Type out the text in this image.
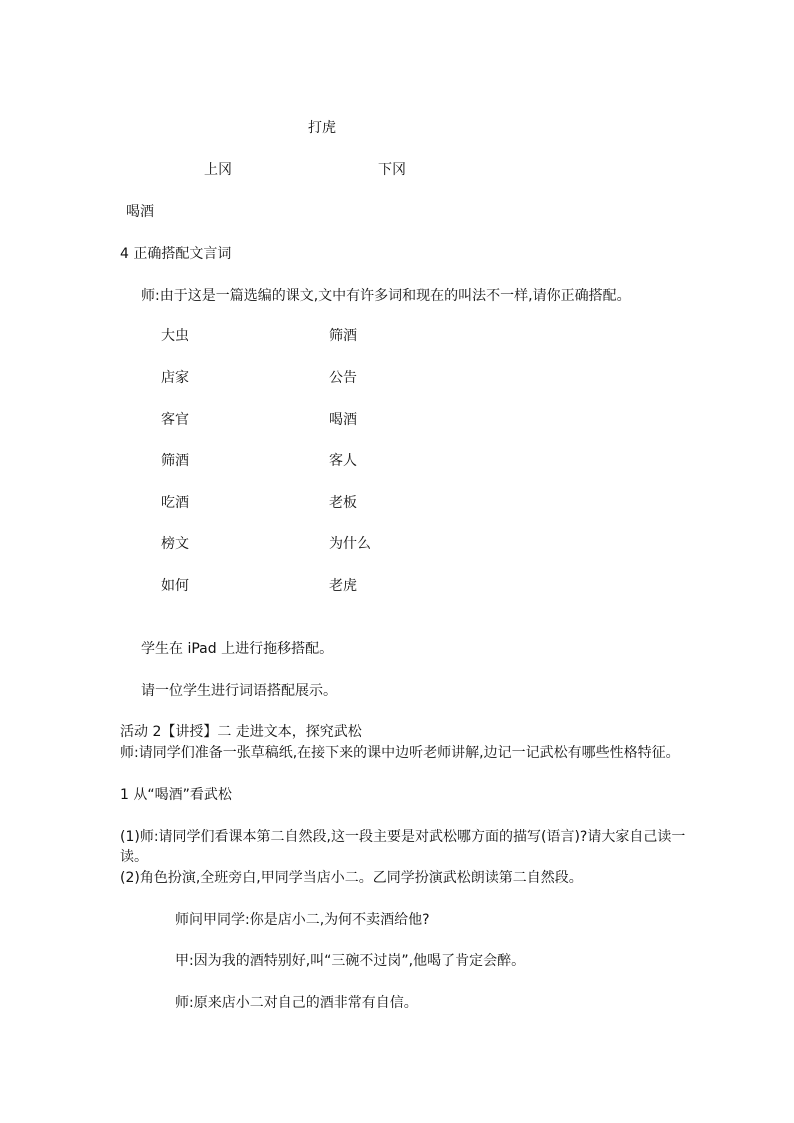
打虎
上冈	下冈
喝酒
4 正确搭配文言词
师:由于这是一篇选编的课文,文中有许多词和现在的叫法不一样,请你正确搭配。
大虫	筛酒
店家	公告
客官	喝酒
筛酒	客人
吃酒	老板
榜文	为什么
如何	老虎
学生在 iPad 上进行拖移搭配。
请一位学生进行词语搭配展示。
活动 2【讲授】二 走进文本，探究武松
师:请同学们准备一张草稿纸,在接下来的课中边听老师讲解,边记一记武松有哪些性格特征。
1 从“喝酒”看武松
(1)师:请同学们看课本第二自然段,这一段主要是对武松哪方面的描写(语言)?请大家自己读一
读。
(2)角色扮演,全班旁白,甲同学当店小二。乙同学扮演武松朗读第二自然段。
师问甲同学:你是店小二,为何不卖酒给他?
甲:因为我的酒特别好,叫“三碗不过岗”,他喝了肯定会醉。
师:原来店小二对自己的酒非常有自信。
